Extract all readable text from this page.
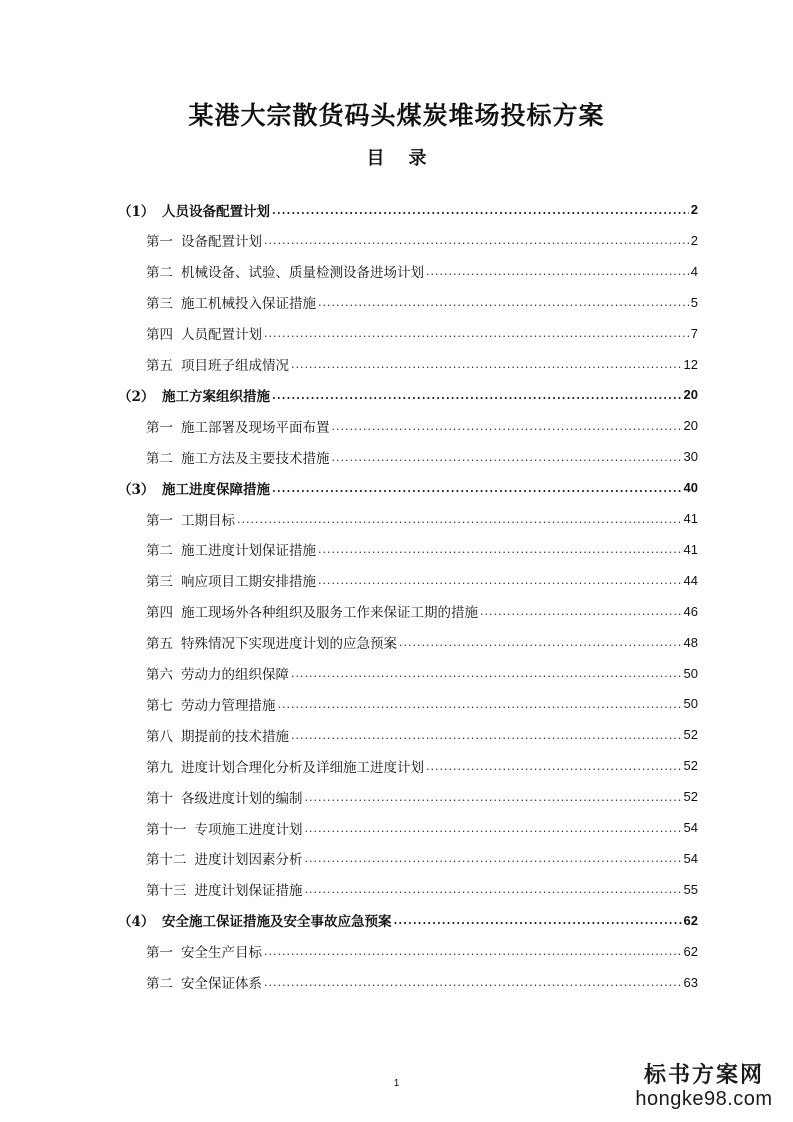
某港大宗散货码头煤炭堆场投标方案
目 录
（1） 人员设备配置计划 .....	2
第一 设备配置计划 .....	2
第二 机械设备、试验、质量检测设备进场计划 .....	4
第三 施工机械投入保证措施 .....	5
第四 人员配置计划 .....	7
第五 项目班子组成情况 .....	12
（2） 施工方案组织措施 .....	20
第一 施工部署及现场平面布置 .....	20
第二 施工方法及主要技术措施 .....	30
（3） 施工进度保障措施 .....	40
第一 工期目标 .....	41
第二 施工进度计划保证措施 .....	41
第三 响应项目工期安排措施 .....	44
第四 施工现场外各种组织及服务工作来保证工期的措施 .....	46
第五 特殊情况下实现进度计划的应急预案 .....	48
第六 劳动力的组织保障 .....	50
第七 劳动力管理措施 .....	50
第八 期提前的技术措施 .....	52
第九 进度计划合理化分析及详细施工进度计划 .....	52
第十 各级进度计划的编制 .....	52
第十一 专项施工进度计划 .....	54
第十二 进度计划因素分析 .....	54
第十三 进度计划保证措施 .....	55
（4） 安全施工保证措施及安全事故应急预案 .....	62
第一 安全生产目标 .....	62
第二 安全保证体系 .....	63
1	标书方案网
hongke98.com
